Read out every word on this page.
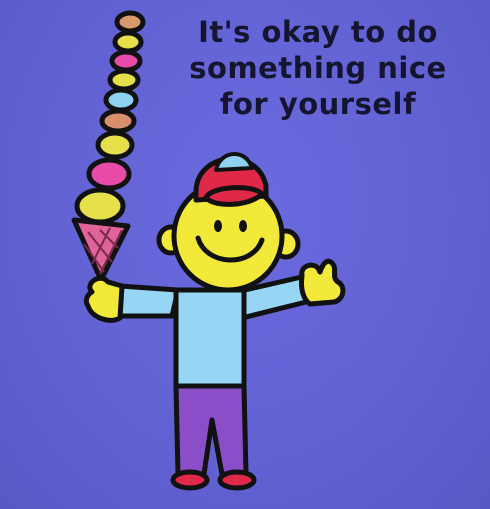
It's okay to do
something nice
for yourself
